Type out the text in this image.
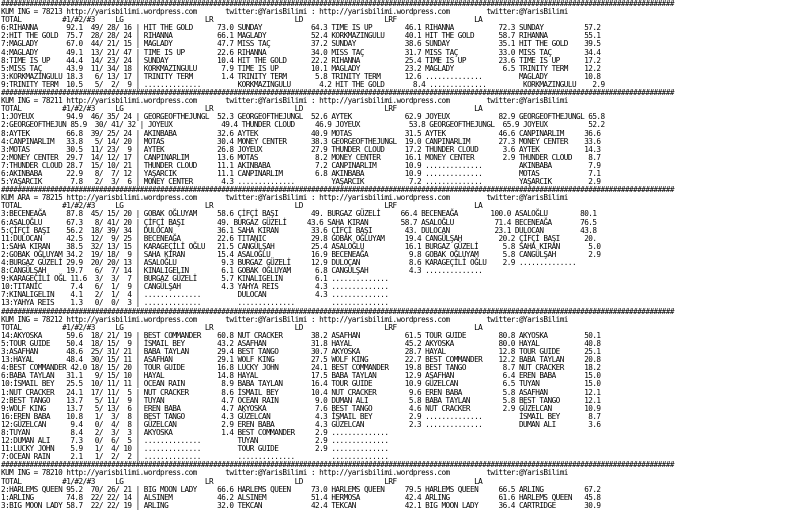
#####################################################################################################################################################################
KUM ING = 78213 http://yarisbilimi.wordpress.com       twitter:@YarisBilimi : http://yarisbilimi.wordpress.com         twitter:@YarisBilimi
TOTAL          #1/#2/#3     LG                    LR                    LD                    LRF                   LA
6:RIHANNA       92.1  49/ 28/ 16 | HIT THE GOLD      73.0 SUNDAY            64.3 TIME IS UP        46.1 RIHANNA           72.3 SUNDAY          57.2
2:HIT THE GOLD  75.7  28/ 28/ 24 | RIHANNA           66.1 MAGLADY           52.4 KORKMAZINGULU     40.1 HIT THE GOLD      58.7 RIHANNA         55.1
7:MAGLADY       67.0  44/ 21/ 15 | MAGLADY           47.7 MISS TAÇ          37.2 SUNDAY            38.6 SUNDAY            35.1 HIT THE GOLD    39.5
4:MAGLADY       49.1  13/ 21/ 47 | TIME IS UP        22.6 RIHANNA           34.0 MISS TAÇ          31.7 MISS TAÇ          33.0 MISS TAÇ        34.4
8:TIME IS UP    44.4  14/ 23/ 24 | SUNDAY            10.4 HIT THE GOLD      22.2 RIHANNA           25.4 TIME IS UP        23.6 TIME IS UP      17.2
5:MISS TAÇ      43.9  11/ 34/ 18 | KORKMAZINGULU      7.9 TIME IS UP        10.1 MAGLADY           23.2 MAGLADY            6.5 TRINITY TERM    12.2
3:KORKMAZINGULU 18.3   6/ 13/ 17 | TRINITY TERM       1.4 TRINITY TERM       5.8 TRINITY TERM      12.6 ..............         MAGLADY         10.8
9:TRINITY TERM  10.5   5/  2/  9 | ..............         KORKMAZINGULU       4.2 HIT THE GOLD       8.4 ..............         KORKMAZINGULU    2.9
#####################################################################################################################################################################
KUM ING = 78211 http://yarisbilimi.wordpress.com       twitter:@YarisBilimi : http://yarisbilimi.wordpress.com         twitter:@YarisBilimi
TOTAL          #1/#2/#3     LG                    LR                    LD                    LRF                   LA
1:JOYEUX        94.9  46/ 35/ 24 | GEORGEOFTHEJUNGL  52.3 GEORGEOFTHEJUNGL  52.6 AYTEK             62.9 JOYEUX            82.9 GEORGEOFTHEJUNGL 65.8
2:GEORGEOFTHEJUN 85.9  30/ 41/ 32 | JOYEUX            49.4 THUNDER CLOUD     46.9 JOYEUX            53.8 GEORGEOFTHEJUNGL  65.9 JOYEUX          52.2
8:AYTEK         66.8  39/ 25/ 24 | AKINBABA          32.6 AYTEK             40.9 MOTAS             31.5 AYTEK             46.6 CANPINARLIM     36.6
4:CANPINARLIM   33.8   5/ 14/ 20 | MOTAS             30.4 MONEY CENTER      38.3 GEORGEOFTHEJUNGL  19.0 CANPINARLIM       27.3 MONEY CENTER    33.6
3:MOTAS         30.5  11/ 23/  9 | AYTEK             26.8 JOYEUX            27.9 THUNDER CLOUD     17.2 THUNDER CLOUD      3.6 AYTEK           14.3
2:MONEY CENTER  29.7  14/ 12/ 17 | CANPINARLIM       13.6 MOTAS              8.2 MONEY CENTER      16.1 MONEY CENTER       2.9 THUNDER CLOUD    8.7
7:THUNDER CLOUD 28.7  15/ 10/ 21 | THUNDER CLOUD     11.1 AKINBABA           7.2 CANPINARLIM       10.9 ..............         AKINBABA         7.9
6:AKINBABA      22.9   8/  7/ 12 | YAŞARCIK          11.1 CANPINARLIM        6.8 AKINBABA          10.9 ..............         MOTAS            7.1
5:YAŞARCIK       7.8   2/  3/  6 | MONEY CENTER       4.3 ..............         YAŞARCIK           7.2 ..............         YAŞARCIK         2.9
#####################################################################################################################################################################
KUM ARA = 78215 http://yarisbilimi.wordpress.com       twitter:@YarisBilimi : http://yarisbilimi.wordpress.com         twitter:@YarisBilimi
TOTAL          #1/#2/#3     LG                    LR                    LD                    LRF                   LA
3:BECENEAĞA     87.8  45/ 15/ 20 | GOBAK OĞLUYAM     58.6 ÇİFÇİ BAŞI        49. BURGAZ GÜZELİ     66.4 BECENEAĞA        100.0 ASALOĞLU        80.1
6:ASALOĞLU      67.3   8/ 41/ 20 | ÇİFÇİ BAŞI        49. BURGAZ GÜZELİ     43.6 SAHA KIRAN        58.7 ASALOĞLU          71.4 BECENEAĞA       76.5
5:ÇİFÇİ BAŞI    56.2  18/ 39/ 34 | DULOCAN           36.1 SAHA KIRAN        33.6 ÇİFÇİ BAŞI        43. DULOCAN           23.1 DULOCAN         43.8
11:DULOCAN      42.5  12/  9/ 25 | BECENEAĞA         22.6 TITANIC           29.8 GOBAK OĞLUYAM     19.4 CANGÜLŞAH         20.2 ÇİFÇİ BAŞI      20.
1:SAHA KIRAN    38.5  32/ 13/ 15 | KARAGEÇİLİ OĞLU   21.5 CANGÜLŞAH         25.4 ASALOĞLU          16.1 BURGAZ GÜZELİ      5.8 SAHA KIRAN       5.0
2:GOBAK OĞLUYAM 34.2  19/ 18/  9 | SAHA KIRAN        15.4 ASALOĞLU          16.9 BECENEAĞA          9.8 GOBAK OĞLUYAM      5.8 CANGÜLŞAH        2.9
4:BURGAZ GÜZELİ 29.9  20/ 20/ 13 | ASALOĞLU           9.3 BURGAZ GÜZELİ     12.9 DULOCAN            8.6 KARAGEÇİLİ OĞLU    2.9 ..............
8:CANGÜLŞAH     19.7   6/  7/ 14 | KINALIGELIN        6.1 GOBAK OĞLUYAM      6.8 CANGÜLŞAH          4.3 ..............
9:KARAGEÇİLİ OĞL 11.6  3/  3/  7 | BURGAZ GÜZELİ      5.7 KINALIGELIN        6.1 ..............
10:TITANIC       7.4   6/  1/  9 | CANGÜLŞAH          4.3 YAHYA REIS         4.3 ..............
7:KINALIGELIN    4.1   2/  1/  4 | ..............         DULOCAN            4.3 ..............
13:YAHYA REIS    1.3   0/  0/  3 | ..............         ..............         ..............
#####################################################################################################################################################################
KUM ING = 78212 http://yarisbilimi.wordpress.com       twitter:@YarisBilimi : http://yarisbilimi.wordpress.com         twitter:@YarisBilimi
TOTAL          #1/#2/#3     LG                    LR                    LD                    LRF                   LA
14:AKYOSKA      59.6  18/ 21/ 19 | BEST COMMANDER    60.8 NUT CRACKER       38.2 ASAFHAN           61.5 TOUR GUIDE        80.8 AKYOSKA         50.1
5:TOUR GUIDE    50.4  18/ 15/  9 | İSMAIL BEY        43.2 ASAFHAN           31.8 HAYAL             45.2 AKYOSKA           80.0 HAYAL           40.8
3:ASAFHAN       48.6  25/ 31/ 21 | BABA TAYLAN       29.4 BEST TANGO        30.7 AKYOSKA           28.7 HAYAL             12.8 TOUR GUIDE      25.1
13:HAYAL        48.4  30/ 15/ 11 | ASAFHAN           29.1 WOLF KING         27.5 WOLF KING         22.7 BEST COMMANDER    12.2 BABA TAYLAN     20.8
4:BEST COMMANDER 42.0 18/ 15/ 20 | TOUR GUIDE        16.8 LUCKY JOHN        24.1 BEST COMMANDER    19.8 BEST TANGO         8.7 NUT CRACKER     18.2
6:BABA TAYLAN   31.1   9/ 15/ 10 | HAYAL             14.8 HAYAL             17.5 BABA TAYLAN       12.9 ASAFHAN            6.4 EREN BABA       15.0
10:İSMAIL BEY   25.5  10/ 11/ 11 | OCEAN RAIN         8.9 BABA TAYLAN       16.4 TOUR GUIDE        10.9 GÜZELCAN           6.5 TUYAN           15.0
1:NUT CRACKER   24.1  17/ 11/  5 | NUT CRACKER        8.6 İSMAIL BEY        10.4 NUT CRACKER        9.6 EREN BABA          5.8 ASAFHAN         12.1
2:BEST TANGO    13.7   5/ 11/  9 | TUYAN              4.7 OCEAN RAIN         9.0 DUMAN ALI          5.8 BABA TAYLAN        5.8 BEST TANGO      12.1
9:WOLF KING     13.7   5/ 13/  6 | EREN BABA          4.7 AKYOSKA            7.6 BEST TANGO         4.6 NUT CRACKER        2.9 GÜZELCAN        10.9
16:EREN BABA    10.8   1/  3/  8 | BEST TANGO         4.3 GÜZELCAN           4.3 İSMAIL BEY         2.9 ..............         İSMAIL BEY       8.7
12:GÜZELCAN      9.4   0/  4/  8 | GÜZELCAN           2.9 EREN BABA          4.3 GÜZELCAN           2.3 ..............         DUMAN ALI        3.6
8:TUYAN          8.4   2/  3/  3 | AKYOSKA            1.4 BEST COMMANDER     2.9 ..............
12:DUMAN ALI     7.3   0/  6/  5 | ..............         TUYAN              2.9 ..............
11:LUCKY JOHN    5.9   1/  4/ 10 | ..............         TOUR GUIDE         2.9 ..............
7:OCEAN RAIN     2.1   1/  2/  2 | ..............         ..............         ..............
#####################################################################################################################################################################
KUM ING = 78210 http://yarisbilimi.wordpress.com       twitter:@YarisBilimi : http://yarisbilimi.wordpress.com         twitter:@YarisBilimi
TOTAL          #1/#2/#3     LG                    LR                    LD                    LRF                   LA
2:HARLEMS QUEEN 95.2  70/ 26/ 21 | BIG MOON LADY     66.6 HARLEMS QUEEN     73.0 HARLEMS QUEEN     79.5 HARLEMS QUEEN     66.5 ARLING          67.2
1:ARLING        74.8  22/ 22/ 14 | ALSINEM           46.2 ALSINEM           51.4 HERMOSA           42.4 ARLING            61.6 HARLEMS QUEEN   45.8
3:BIG MOON LADY 58.7  22/ 22/ 19 | ARLING            32.0 TEKCAN            42.4 TEKCAN            42.1 BIG MOON LADY     36.4 CARTRIDGE       30.9
